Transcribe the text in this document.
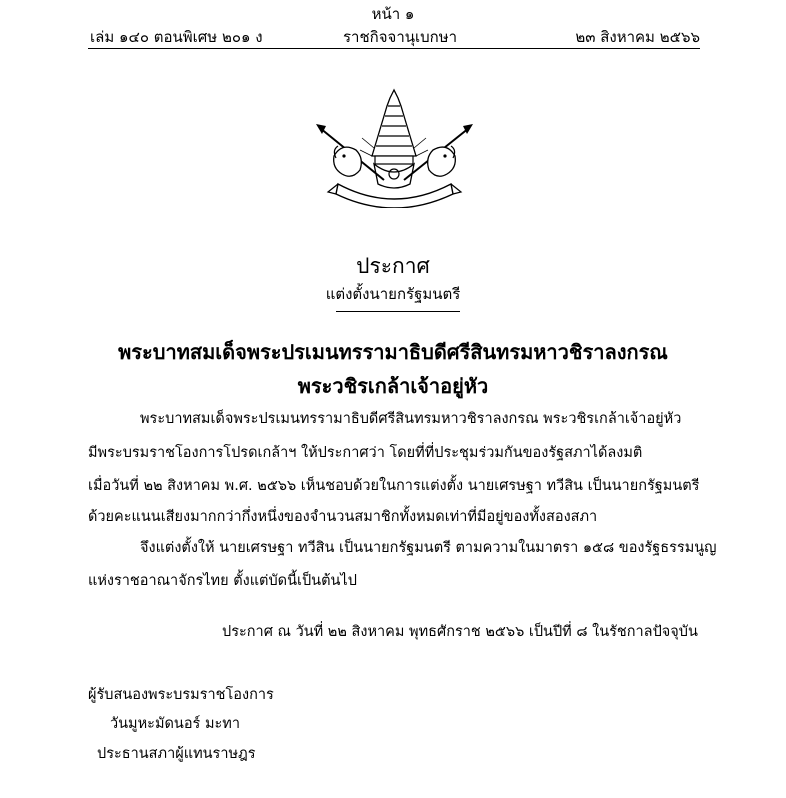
หน้า ๑
เล่ม ๑๔๐ ตอนพิเศษ ๒๐๑ ง	ราชกิจจานุเบกษา	๒๓ สิงหาคม ๒๕๖๖
ประกาศ
แต่งตั้งนายกรัฐมนตรี
พระบาทสมเด็จพระปรเมนทรรามาธิบดีศรีสินทรมหาวชิราลงกรณ
พระวชิรเกล้าเจ้าอยู่หัว
พระบาทสมเด็จพระปรเมนทรรามาธิบดีศรีสินทรมหาวชิราลงกรณ พระวชิรเกล้าเจ้าอยู่หัว
มีพระบรมราชโองการโปรดเกล้าฯ ให้ประกาศว่า โดยที่ที่ประชุมร่วมกันของรัฐสภาได้ลงมติ
เมื่อวันที่ ๒๒ สิงหาคม พ.ศ. ๒๕๖๖ เห็นชอบด้วยในการแต่งตั้ง นายเศรษฐา ทวีสิน เป็นนายกรัฐมนตรี
ด้วยคะแนนเสียงมากกว่ากึ่งหนึ่งของจำนวนสมาชิกทั้งหมดเท่าที่มีอยู่ของทั้งสองสภา
จึงแต่งตั้งให้ นายเศรษฐา ทวีสิน เป็นนายกรัฐมนตรี ตามความในมาตรา ๑๕๘ ของรัฐธรรมนูญ
แห่งราชอาณาจักรไทย ตั้งแต่บัดนี้เป็นต้นไป
ประกาศ ณ วันที่ ๒๒ สิงหาคม พุทธศักราช ๒๕๖๖ เป็นปีที่ ๘ ในรัชกาลปัจจุบัน
ผู้รับสนองพระบรมราชโองการ
วันมูหะมัดนอร์ มะทา
ประธานสภาผู้แทนราษฎร
